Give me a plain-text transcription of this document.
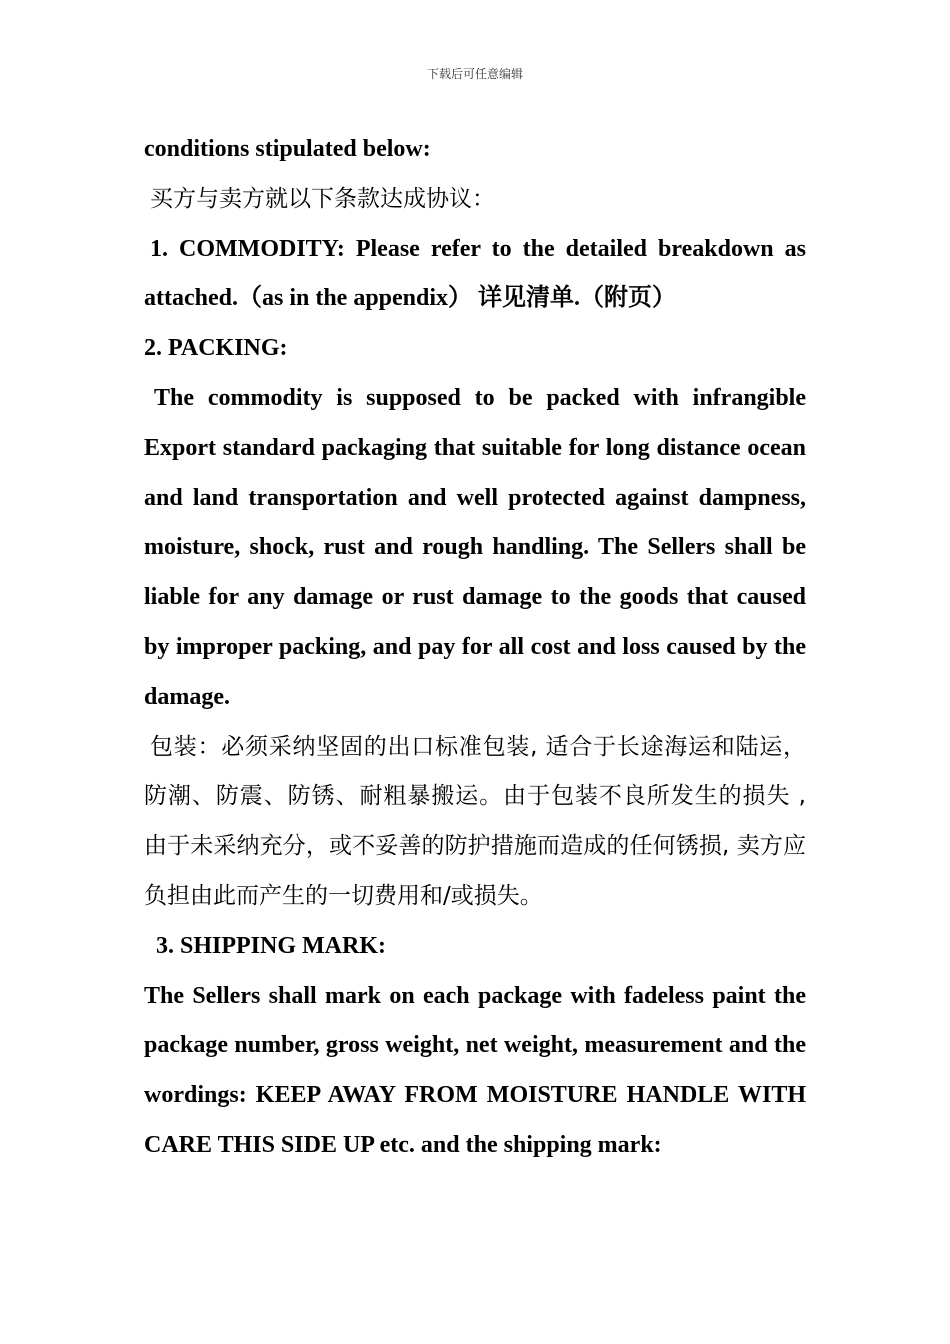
下载后可任意编辑

conditions stipulated below:

买方与卖方就以下条款达成协议：

1. COMMODITY: Please refer to the detailed breakdown as

attached.（as in the appendix） 详见清单.（附页）

2. PACKING:

The commodity is supposed to be packed with infrangible Export standard packaging that suitable for long distance ocean and land transportation and well protected against dampness, moisture, shock, rust and rough handling. The Sellers shall be liable for any damage or rust damage to the goods that caused by improper packing, and pay for all cost and loss caused by the damage.

包装：必须采纳坚固的出口标准包装, 适合于长途海运和陆运，防潮、防震、防锈、耐粗暴搬运。由于包装不良所发生的损失 , 由于未采纳充分，或不妥善的防护措施而造成的任何锈损, 卖方应负担由此而产生的一切费用和/或损失。

3. SHIPPING MARK:

The Sellers shall mark on each package with fadeless paint the package number, gross weight, net weight, measurement and the wordings: KEEP AWAY FROM MOISTURE HANDLE WITH CARE THIS SIDE UP etc. and the shipping mark:
